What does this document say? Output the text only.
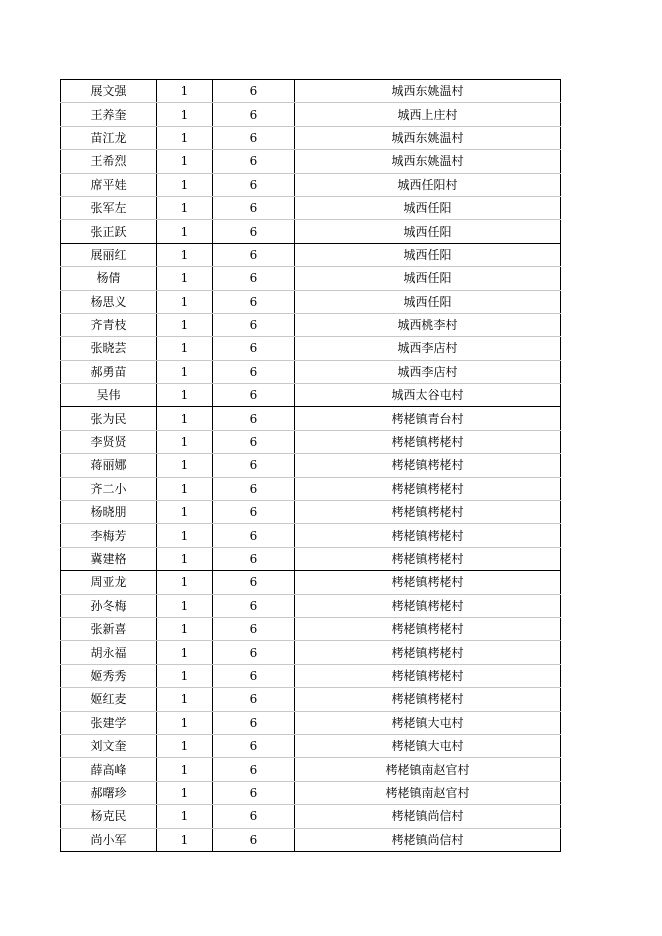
展文强	1	6	城西东姚温村
王养奎	1	6	城西上庄村
苗江龙	1	6	城西东姚温村
王希烈	1	6	城西东姚温村
席平娃	1	6	城西任阳村
张军左	1	6	城西任阳
张正跃	1	6	城西任阳
展丽红	1	6	城西任阳
杨倩	1	6	城西任阳
杨思义	1	6	城西任阳
齐青枝	1	6	城西桃李村
张晓芸	1	6	城西李店村
郝勇苗	1	6	城西李店村
吴伟	1	6	城西太谷屯村
张为民	1	6	栲栳镇青台村
李贤贤	1	6	栲栳镇栲栳村
蒋丽娜	1	6	栲栳镇栲栳村
齐二小	1	6	栲栳镇栲栳村
杨晓朋	1	6	栲栳镇栲栳村
李梅芳	1	6	栲栳镇栲栳村
冀建格	1	6	栲栳镇栲栳村
周亚龙	1	6	栲栳镇栲栳村
孙冬梅	1	6	栲栳镇栲栳村
张新喜	1	6	栲栳镇栲栳村
胡永福	1	6	栲栳镇栲栳村
姬秀秀	1	6	栲栳镇栲栳村
姬红麦	1	6	栲栳镇栲栳村
张建学	1	6	栲栳镇大屯村
刘文奎	1	6	栲栳镇大屯村
薛高峰	1	6	栲栳镇南赵官村
郝曙珍	1	6	栲栳镇南赵官村
杨克民	1	6	栲栳镇尚信村
尚小军	1	6	栲栳镇尚信村
